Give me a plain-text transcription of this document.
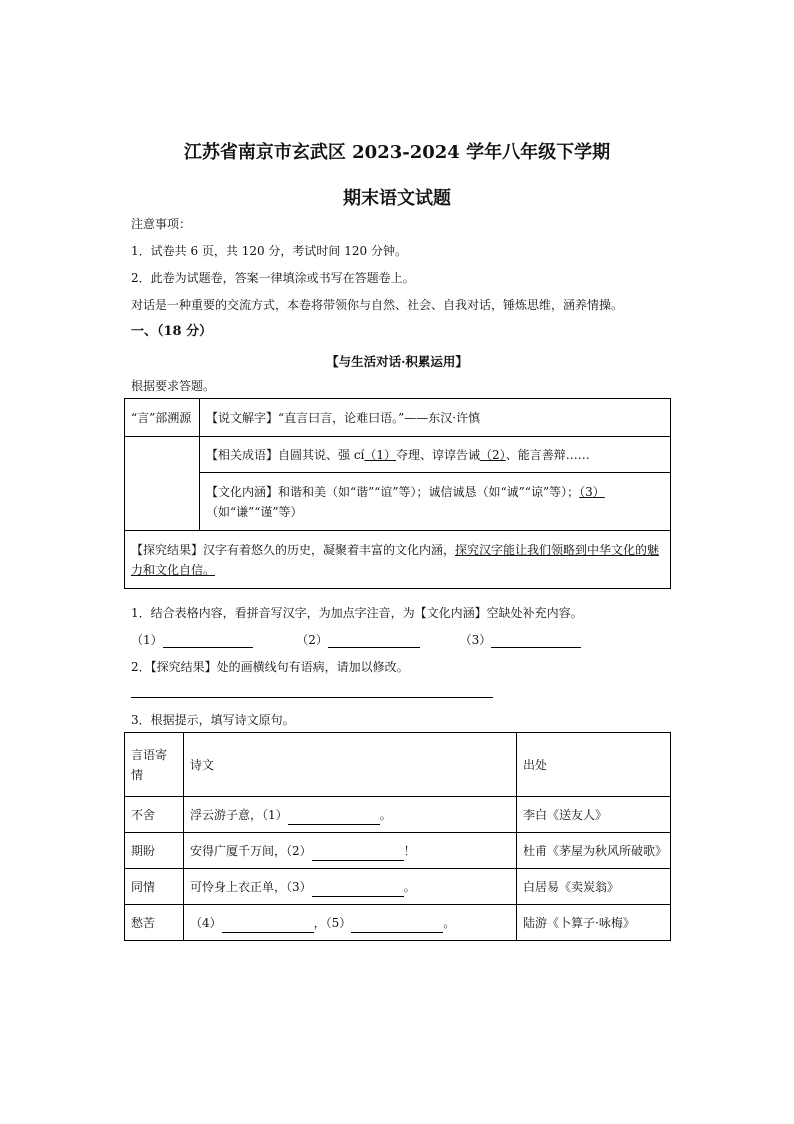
江苏省南京市玄武区 2023-2024 学年八年级下学期
期末语文试题
注意事项：
1．试卷共 6 页，共 120 分，考试时间 120 分钟。
2．此卷为试题卷，答案一律填涂或书写在答题卷上。
对话是一种重要的交流方式，本卷将带领你与自然、社会、自我对话，锤炼思维，涵养情操。
一、（18 分）
【与生活对话·积累运用】
根据要求答题。
“言”部溯源	【说文解字】“直言曰言，论难曰语。”——东汉·许慎
	【相关成语】自圆其说、强 cí（1）夺理、谆谆告诫（2）、能言善辩……
	【文化内涵】和谐和美（如“谐”“谊”等）；诚信诚恳（如“诚”“谅”等）；（3）（如“谦”“谨”等）
【探究结果】汉字有着悠久的历史，凝聚着丰富的文化内涵，探究汉字能让我们领略到中华文化的魅力和文化自信。	
1．结合表格内容，看拼音写汉字，为加点字注音，为【文化内涵】空缺处补充内容。
（1）	（2）	（3）
2．【探究结果】处的画横线句有语病，请加以修改。
3．根据提示，填写诗文原句。
言语寄情	诗文	出处
不舍	浮云游子意，（1） 。	李白《送友人》
期盼	安得广厦千万间，（2） ！	杜甫《茅屋为秋风所破歌》
同情	可怜身上衣正单，（3） 。	白居易《卖炭翁》
愁苦	（4） ，（5） 。	陆游《卜算子·咏梅》
